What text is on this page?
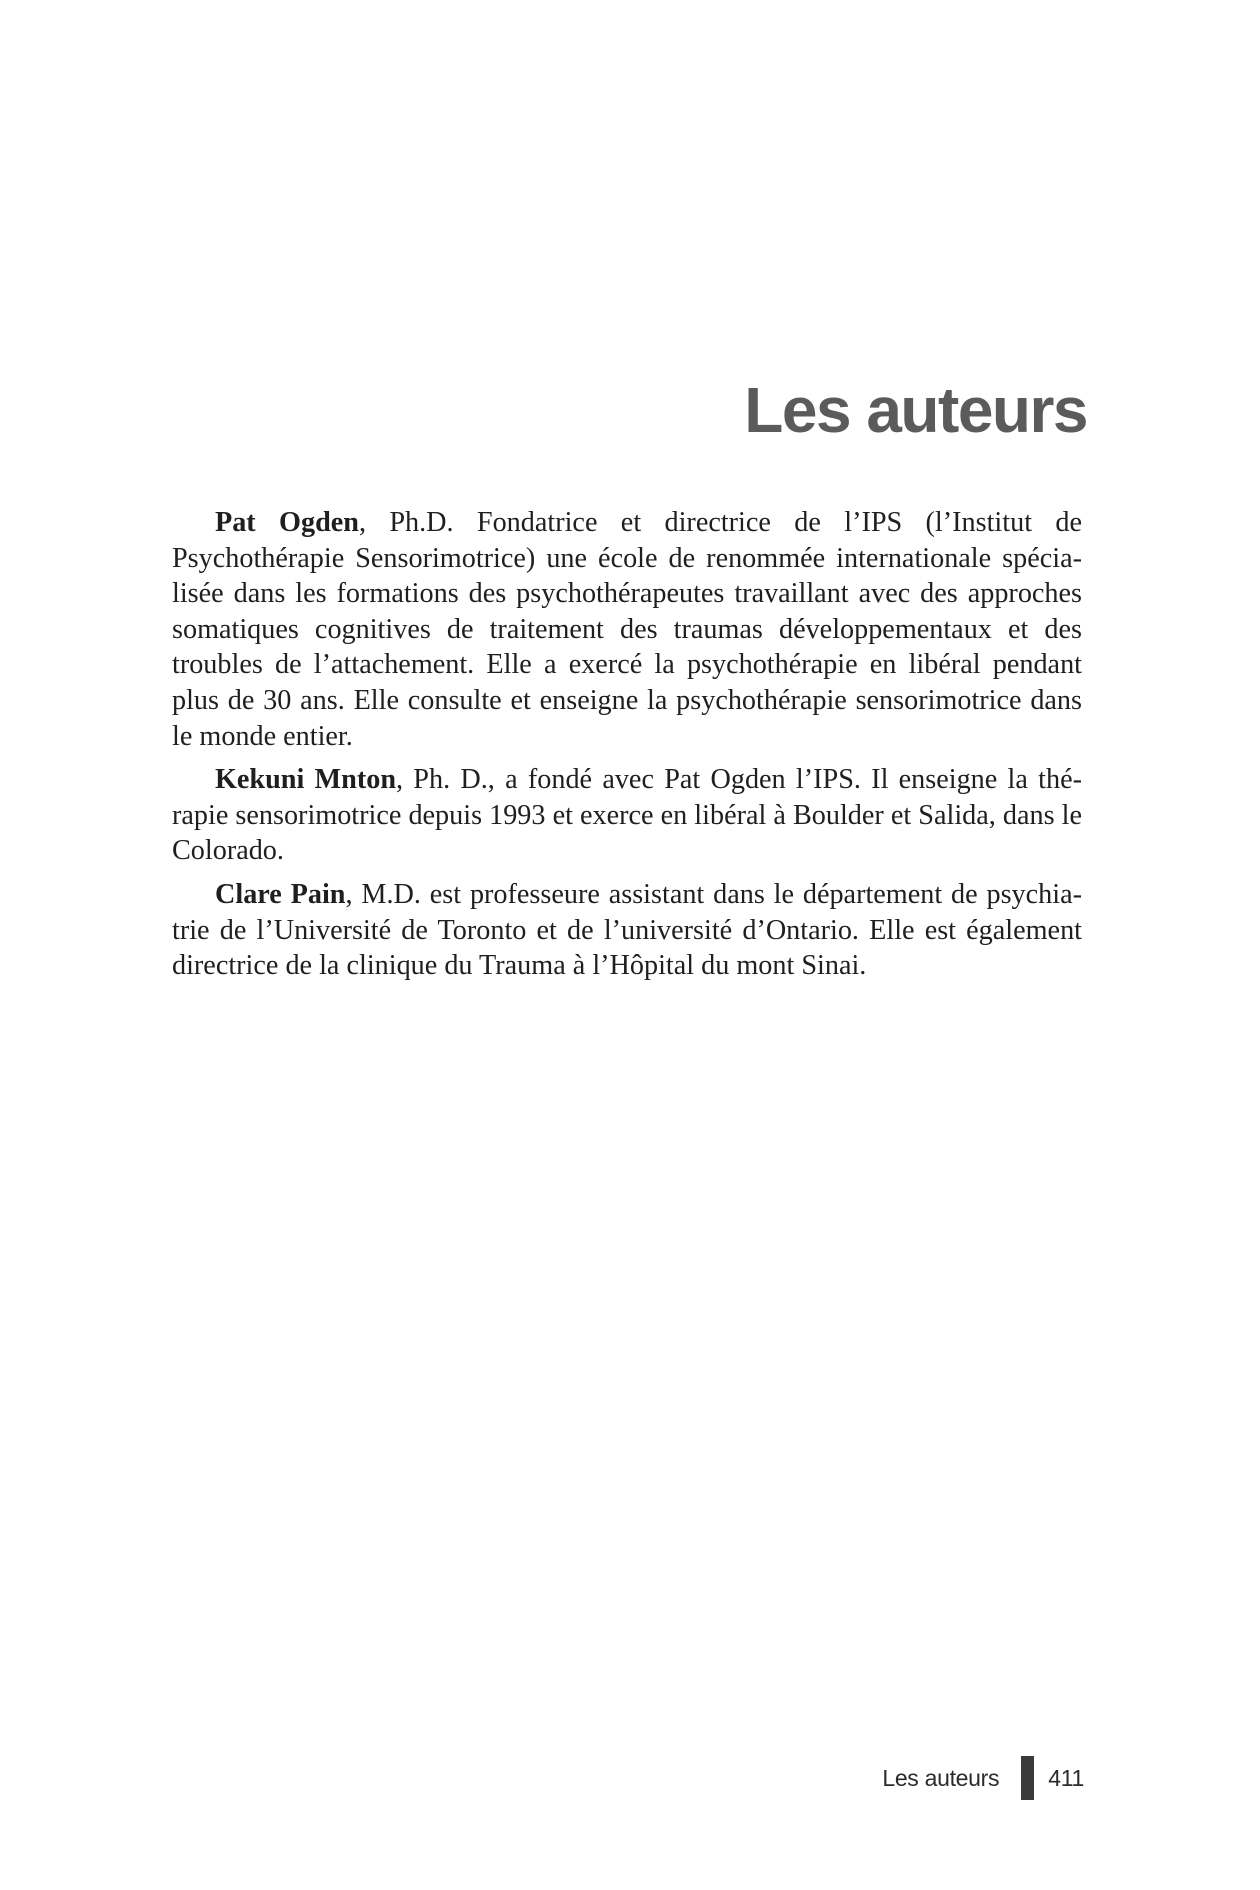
Les auteurs

Pat Ogden, Ph.D. Fondatrice et directrice de l’IPS (l’Institut de Psychothérapie Sensorimotrice) une école de renommée internationale spécialisée dans les formations des psychothérapeutes travaillant avec des approches somatiques cognitives de traitement des traumas développementaux et des troubles de l’attachement. Elle a exercé la psychothérapie en libéral pendant plus de 30 ans. Elle consulte et enseigne la psychothérapie sensorimotrice dans le monde entier.

Kekuni Mnton, Ph. D., a fondé avec Pat Ogden l’IPS. Il enseigne la thérapie sensorimotrice depuis 1993 et exerce en libéral à Boulder et Salida, dans le Colorado.

Clare Pain, M.D. est professeure assistant dans le département de psychiatrie de l’Université de Toronto et de l’université d’Ontario. Elle est également directrice de la clinique du Trauma à l’Hôpital du mont Sinai.

Les auteurs 411
